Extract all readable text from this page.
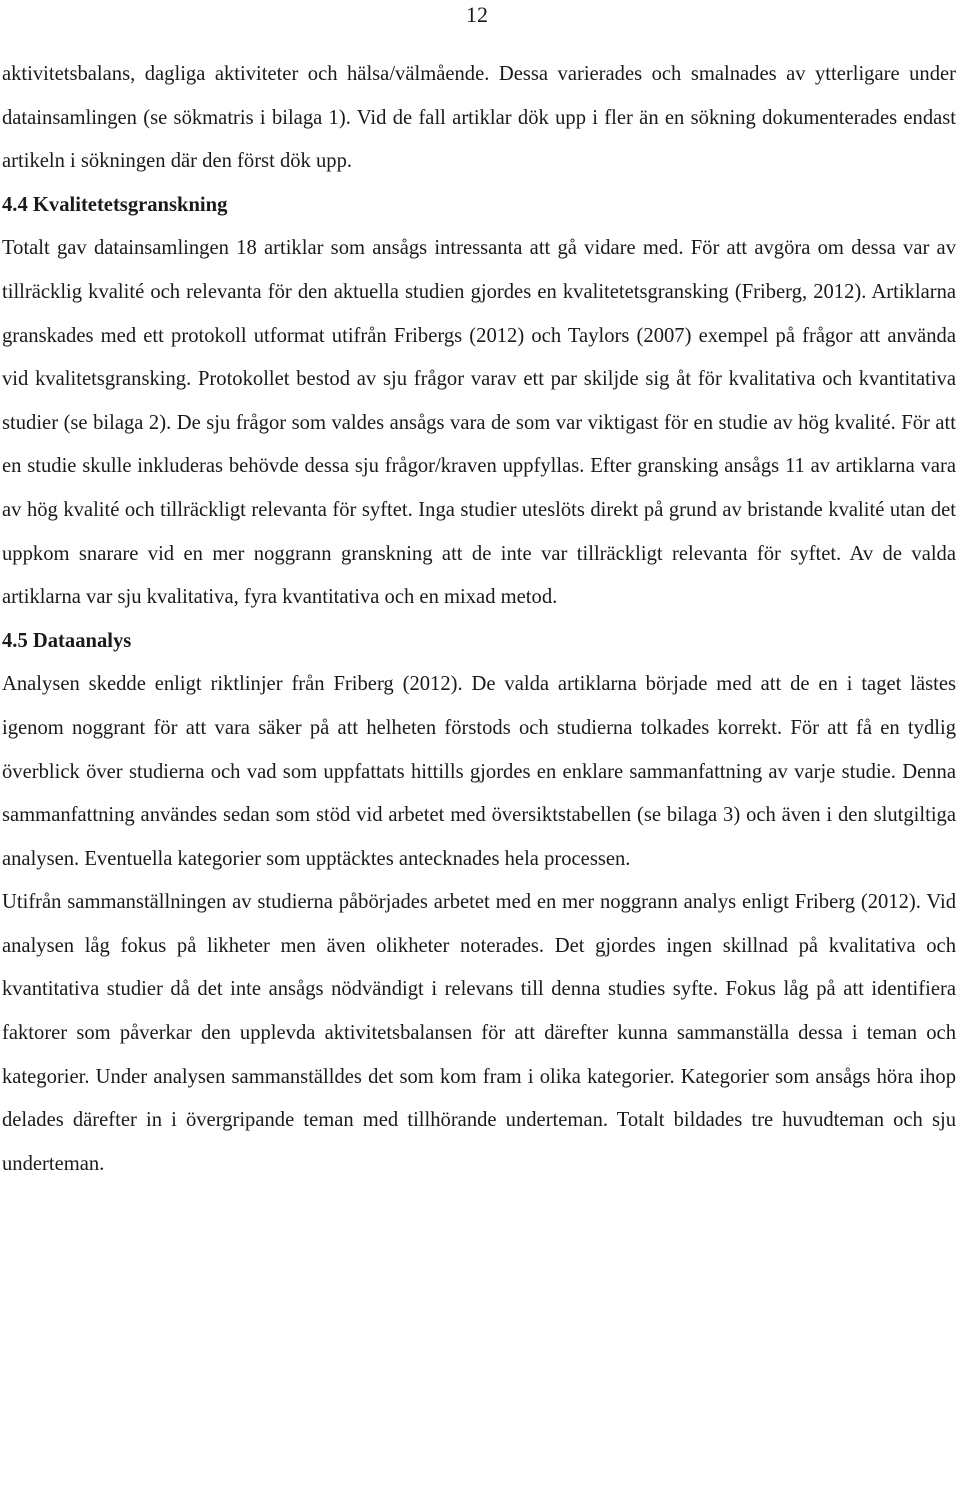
12

aktivitetsbalans, dagliga aktiviteter och hälsa/välmående. Dessa varierades och smalnades av ytterligare under datainsamlingen (se sökmatris i bilaga 1). Vid de fall artiklar dök upp i fler än en sökning dokumenterades endast artikeln i sökningen där den först dök upp.

4.4 Kvalitetetsgranskning

Totalt gav datainsamlingen 18 artiklar som ansågs intressanta att gå vidare med. För att avgöra om dessa var av tillräcklig kvalité och relevanta för den aktuella studien gjordes en kvalitetetsgransking (Friberg, 2012). Artiklarna granskades med ett protokoll utformat utifrån Fribergs (2012) och Taylors (2007) exempel på frågor att använda vid kvalitetsgransking. Protokollet bestod av sju frågor varav ett par skiljde sig åt för kvalitativa och kvantitativa studier (se bilaga 2). De sju frågor som valdes ansågs vara de som var viktigast för en studie av hög kvalité. För att en studie skulle inkluderas behövde dessa sju frågor/kraven uppfyllas. Efter gransking ansågs 11 av artiklarna vara av hög kvalité och tillräckligt relevanta för syftet. Inga studier uteslöts direkt på grund av bristande kvalité utan det uppkom snarare vid en mer noggrann granskning att de inte var tillräckligt relevanta för syftet. Av de valda artiklarna var sju kvalitativa, fyra kvantitativa och en mixad metod.

4.5 Dataanalys

Analysen skedde enligt riktlinjer från Friberg (2012). De valda artiklarna började med att de en i taget lästes igenom noggrant för att vara säker på att helheten förstods och studierna tolkades korrekt. För att få en tydlig överblick över studierna och vad som uppfattats hittills gjordes en enklare sammanfattning av varje studie. Denna sammanfattning användes sedan som stöd vid arbetet med översiktstabellen (se bilaga 3) och även i den slutgiltiga analysen. Eventuella kategorier som upptäcktes antecknades hela processen.

Utifrån sammanställningen av studierna påbörjades arbetet med en mer noggrann analys enligt Friberg (2012). Vid analysen låg fokus på likheter men även olikheter noterades. Det gjordes ingen skillnad på kvalitativa och kvantitativa studier då det inte ansågs nödvändigt i relevans till denna studies syfte. Fokus låg på att identifiera faktorer som påverkar den upplevda aktivitetsbalansen för att därefter kunna sammanställa dessa i teman och kategorier. Under analysen sammanställdes det som kom fram i olika kategorier. Kategorier som ansågs höra ihop delades därefter in i övergripande teman med tillhörande underteman. Totalt bildades tre huvudteman och sju underteman.
